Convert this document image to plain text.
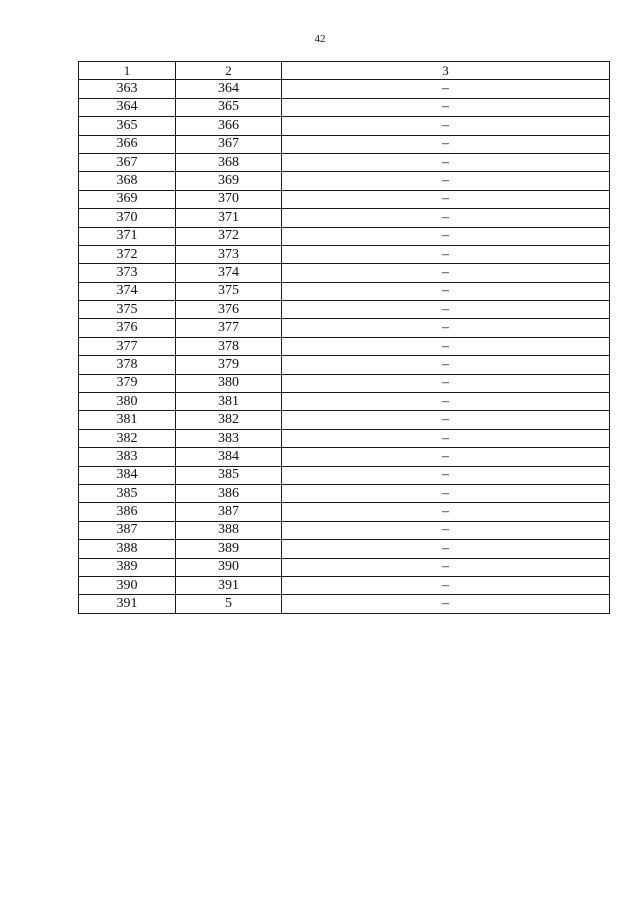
42
1	2	3
363	364	–
364	365	–
365	366	–
366	367	–
367	368	–
368	369	–
369	370	–
370	371	–
371	372	–
372	373	–
373	374	–
374	375	–
375	376	–
376	377	–
377	378	–
378	379	–
379	380	–
380	381	–
381	382	–
382	383	–
383	384	–
384	385	–
385	386	–
386	387	–
387	388	–
388	389	–
389	390	–
390	391	–
391	5	–
